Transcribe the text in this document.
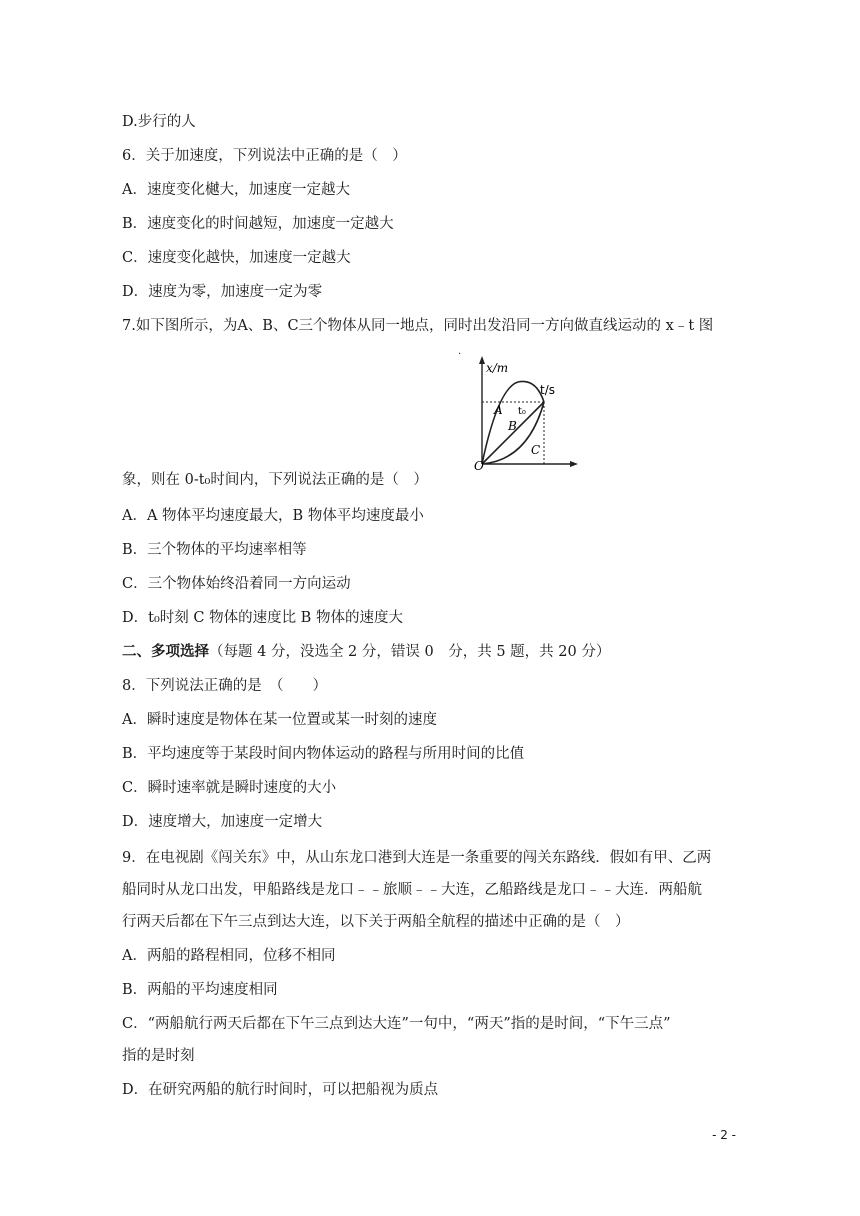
D.步行的人
6．关于加速度，下列说法中正确的是（　）
A．速度变化樾大，加速度一定越大
B．速度变化的时间越短，加速度一定越大
C．速度变化越快，加速度一定越大
D．速度为零，加速度一定为零
7.如下图所示，为A、B、C三个物体从同一地点，同时出发沿同一方向做直线运动的 x﹣t 图
.
x/m
t/s
t₀
A
B
C
O
象，则在 0-t₀时间内，下列说法正确的是（　）
A．A 物体平均速度最大，B 物体平均速度最小
B．三个物体的平均速率相等
C．三个物体始终沿着同一方向运动
D．t₀时刻 C 物体的速度比 B 物体的速度大
二、多项选择（每题 4 分，没选全 2 分，错误 0　分，共 5 题，共 20 分）
8．下列说法正确的是　（　　）
A．瞬时速度是物体在某一位置或某一时刻的速度
B．平均速度等于某段时间内物体运动的路程与所用时间的比值
C．瞬时速率就是瞬时速度的大小
D．速度增大，加速度一定增大
9．在电视剧《闯关东》中，从山东龙口港到大连是一条重要的闯关东路线．假如有甲、乙两
船同时从龙口出发，甲船路线是龙口﹣﹣旅顺﹣﹣大连，乙船路线是龙口﹣﹣大连．两船航
行两天后都在下午三点到达大连，以下关于两船全航程的描述中正确的是（　）
A．两船的路程相同，位移不相同
B．两船的平均速度相同
C．“两船航行两天后都在下午三点到达大连”一句中，“两天”指的是时间，“下午三点”
指的是时刻
D．在研究两船的航行时间时，可以把船视为质点
- 2 -
